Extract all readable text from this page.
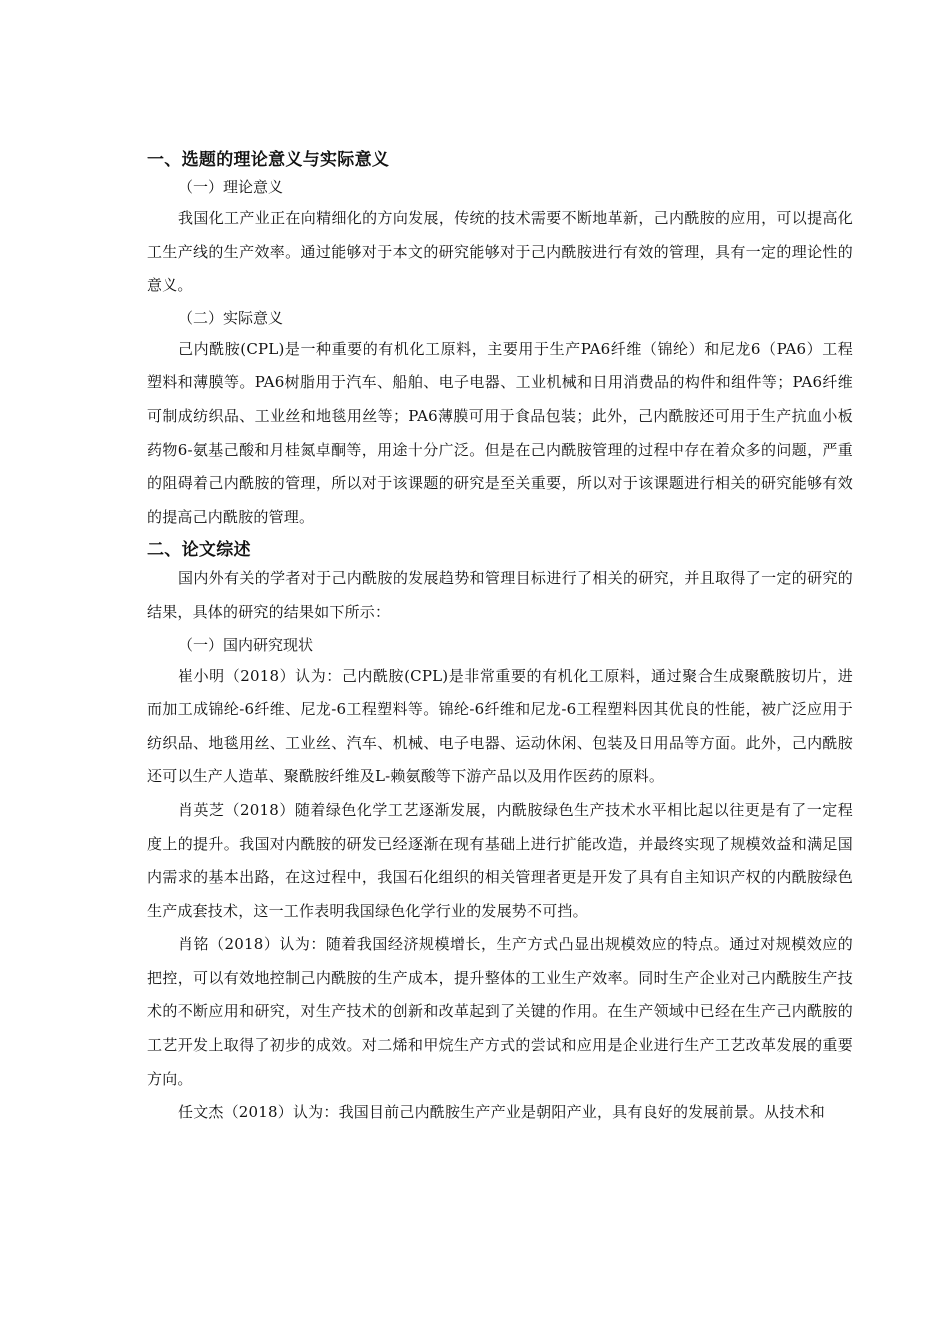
一、选题的理论意义与实际意义

（一）理论意义

我国化工产业正在向精细化的方向发展，传统的技术需要不断地革新，己内酰胺的应用，可以提高化工生产线的生产效率。通过能够对于本文的研究能够对于己内酰胺进行有效的管理，具有一定的理论性的意义。

（二）实际意义

己内酰胺(CPL)是一种重要的有机化工原料，主要用于生产PA6纤维（锦纶）和尼龙6（PA6）工程塑料和薄膜等。PA6树脂用于汽车、船舶、电子电器、工业机械和日用消费品的构件和组件等；PA6纤维可制成纺织品、工业丝和地毯用丝等；PA6薄膜可用于食品包装；此外，己内酰胺还可用于生产抗血小板药物6-氨基己酸和月桂氮卓酮等，用途十分广泛。但是在己内酰胺管理的过程中存在着众多的问题，严重的阻碍着己内酰胺的管理，所以对于该课题的研究是至关重要，所以对于该课题进行相关的研究能够有效的提高己内酰胺的管理。

二、论文综述

国内外有关的学者对于己内酰胺的发展趋势和管理目标进行了相关的研究，并且取得了一定的研究的结果，具体的研究的结果如下所示：

（一）国内研究现状

崔小明（2018）认为：己内酰胺(CPL)是非常重要的有机化工原料，通过聚合生成聚酰胺切片，进而加工成锦纶-6纤维、尼龙-6工程塑料等。锦纶-6纤维和尼龙-6工程塑料因其优良的性能，被广泛应用于纺织品、地毯用丝、工业丝、汽车、机械、电子电器、运动休闲、包装及日用品等方面。此外，己内酰胺还可以生产人造革、聚酰胺纤维及L-赖氨酸等下游产品以及用作医药的原料。

肖英芝（2018）随着绿色化学工艺逐渐发展，内酰胺绿色生产技术水平相比起以往更是有了一定程度上的提升。我国对内酰胺的研发已经逐渐在现有基础上进行扩能改造，并最终实现了规模效益和满足国内需求的基本出路，在这过程中，我国石化组织的相关管理者更是开发了具有自主知识产权的内酰胺绿色生产成套技术，这一工作表明我国绿色化学行业的发展势不可挡。

肖铭（2018）认为：随着我国经济规模增长，生产方式凸显出规模效应的特点。通过对规模效应的把控，可以有效地控制己内酰胺的生产成本，提升整体的工业生产效率。同时生产企业对己内酰胺生产技术的不断应用和研究，对生产技术的创新和改革起到了关键的作用。在生产领域中已经在生产己内酰胺的工艺开发上取得了初步的成效。对二烯和甲烷生产方式的尝试和应用是企业进行生产工艺改革发展的重要方向。

任文杰（2018）认为：我国目前己内酰胺生产产业是朝阳产业，具有良好的发展前景。从技术和
